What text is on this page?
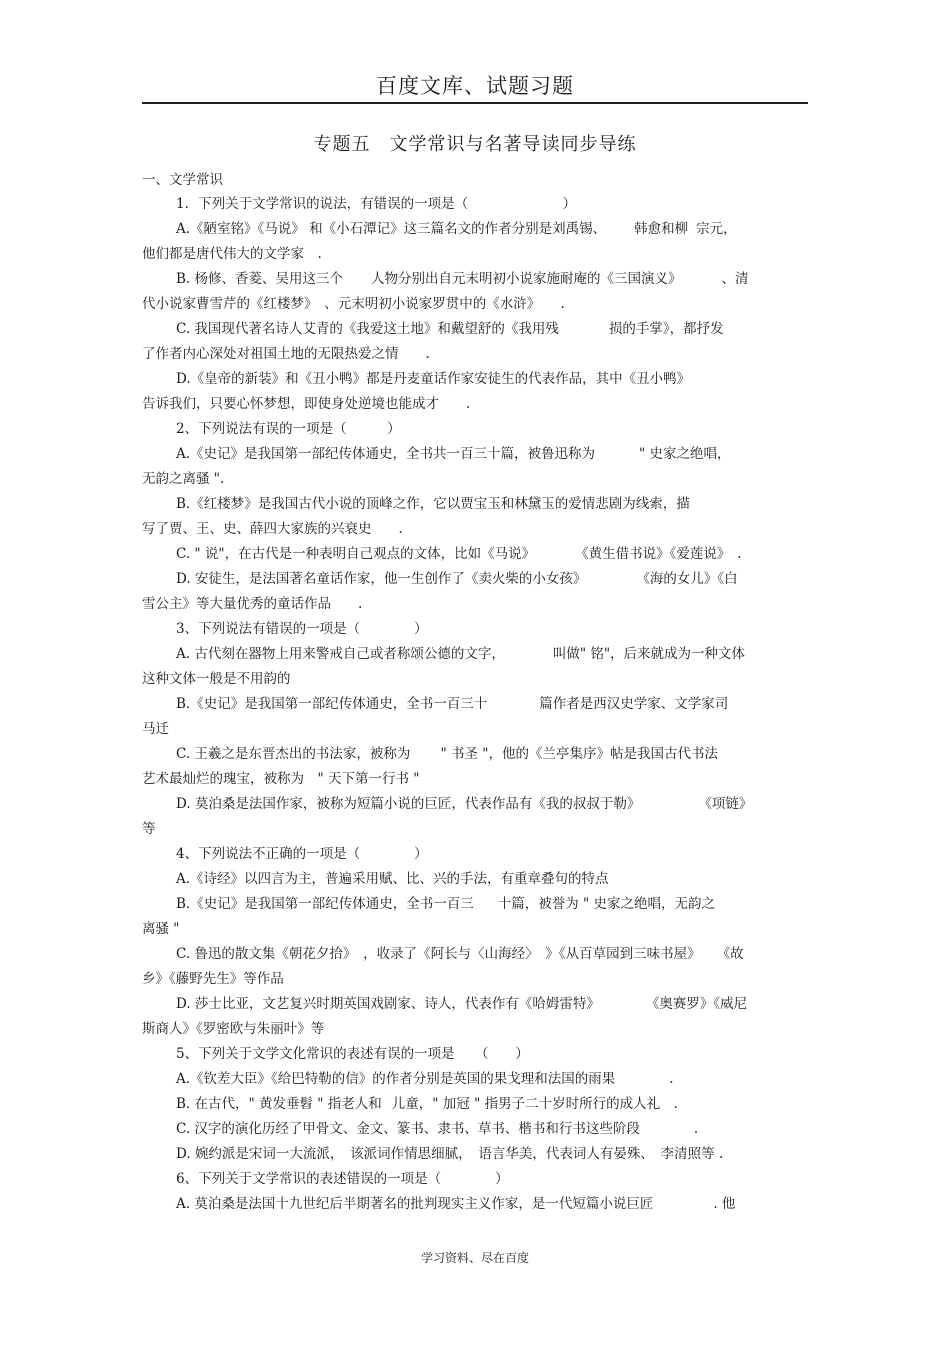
百度文库、试题习题
专题五　文学常识与名著导读同步导练
一、文学常识
1．下列关于文学常识的说法，有错误的一项是（　　　　　　　）
A.《陋室铭》《马说》 和《小石潭记》这三篇名文的作者分别是刘禹锡、 韩愈和柳 宗元，
他们都是唐代伟大的文学家　.
B. 杨修、香菱、吴用这三个 人物分别出自元末明初小说家施耐庵的《三国演义》	、清
代小说家曹雪芹的《红楼梦》　、元末明初小说家罗贯中的《水浒》　　.
C. 我国现代著名诗人艾青的《我爱这土地》和戴望舒的《我用残	损的手掌》，都抒发
了作者内心深处对祖国土地的无限热爱之情　　.
D.《皇帝的新装》和《丑小鸭》都是丹麦童话作家安徒生的代表作品，其中《丑小鸭》
告诉我们，只要心怀梦想，即使身处逆境也能成才　　.
2、下列说法有误的一项是（　　　）
A.《史记》是我国第一部纪传体通史，全书共一百三十篇，被鲁迅称为	" 史家之绝唱，
无韵之离骚 ".
B.《红楼梦》是我国古代小说的顶峰之作，它以贾宝玉和林黛玉的爱情悲剧为线索，描
写了贾、王、史、薛四大家族的兴衰史　　.
C. " 说"，在古代是一种表明自己观点的文体，比如《马说》	《黄生借书说》《爱莲说》　.
D. 安徒生，是法国著名童话作家，他一生创作了《卖火柴的小女孩》	《海的女儿》《白
雪公主》等大量优秀的童话作品　　.
3、下列说法有错误的一项是（　　　　）
A. 古代刻在器物上用来警戒自己或者称颂公德的文字，	叫做" 铭"，后来就成为一种文体
这种文体一般是不用韵的
B.《史记》是我国第一部纪传体通史，全书一百三十	篇作者是西汉史学家、文学家司
马迁
C. 王羲之是东晋杰出的书法家，被称为 " 书圣 "，他的《兰亭集序》帖是我国古代书法
艺术最灿烂的瑰宝，被称为　" 天下第一行书 "
D. 莫泊桑是法国作家，被称为短篇小说的巨匠，代表作品有《我的叔叔于勒》	《项链》
等
4、下列说法不正确的一项是（　　　　）
A.《诗经》以四言为主，普遍采用赋、比、兴的手法，有重章叠句的特点
B.《史记》是我国第一部纪传体通史，全书一百三 十篇，被誉为 " 史家之绝唱，无韵之
离骚 "
C. 鲁迅的散文集《朝花夕拾》　，收录了《阿长与〈山海经〉　》《从百草园到三味书屋》 《故
乡》《藤野先生》等作品
D. 莎士比亚，文艺复兴时期英国戏剧家、诗人，代表作有《哈姆雷特》	《奥赛罗》《威尼
斯商人》《罗密欧与朱丽叶》等
5、下列关于文学文化常识的表述有误的一项是　　（　　）
A.《钦差大臣》《给巴特勒的信》的作者分别是英国的果戈理和法国的雨果　　　　.
B. 在古代，" 黄发垂髫 " 指老人和 儿童，" 加冠 " 指男子二十岁时所行的成人礼　.
C. 汉字的演化历经了甲骨文、金文、篆书、隶书、草书、楷书和行书这些阶段　　　　.
D. 婉约派是宋词一大流派，　该派词作情思细腻，　语言华美，代表词人有晏殊、　李清照等 .
6、下列关于文学常识的表述错误的一项是（　　　　）
A. 莫泊桑是法国十九世纪后半期著名的批判现实主义作家，是一代短篇小说巨匠	. 他
学习资料、尽在百度
